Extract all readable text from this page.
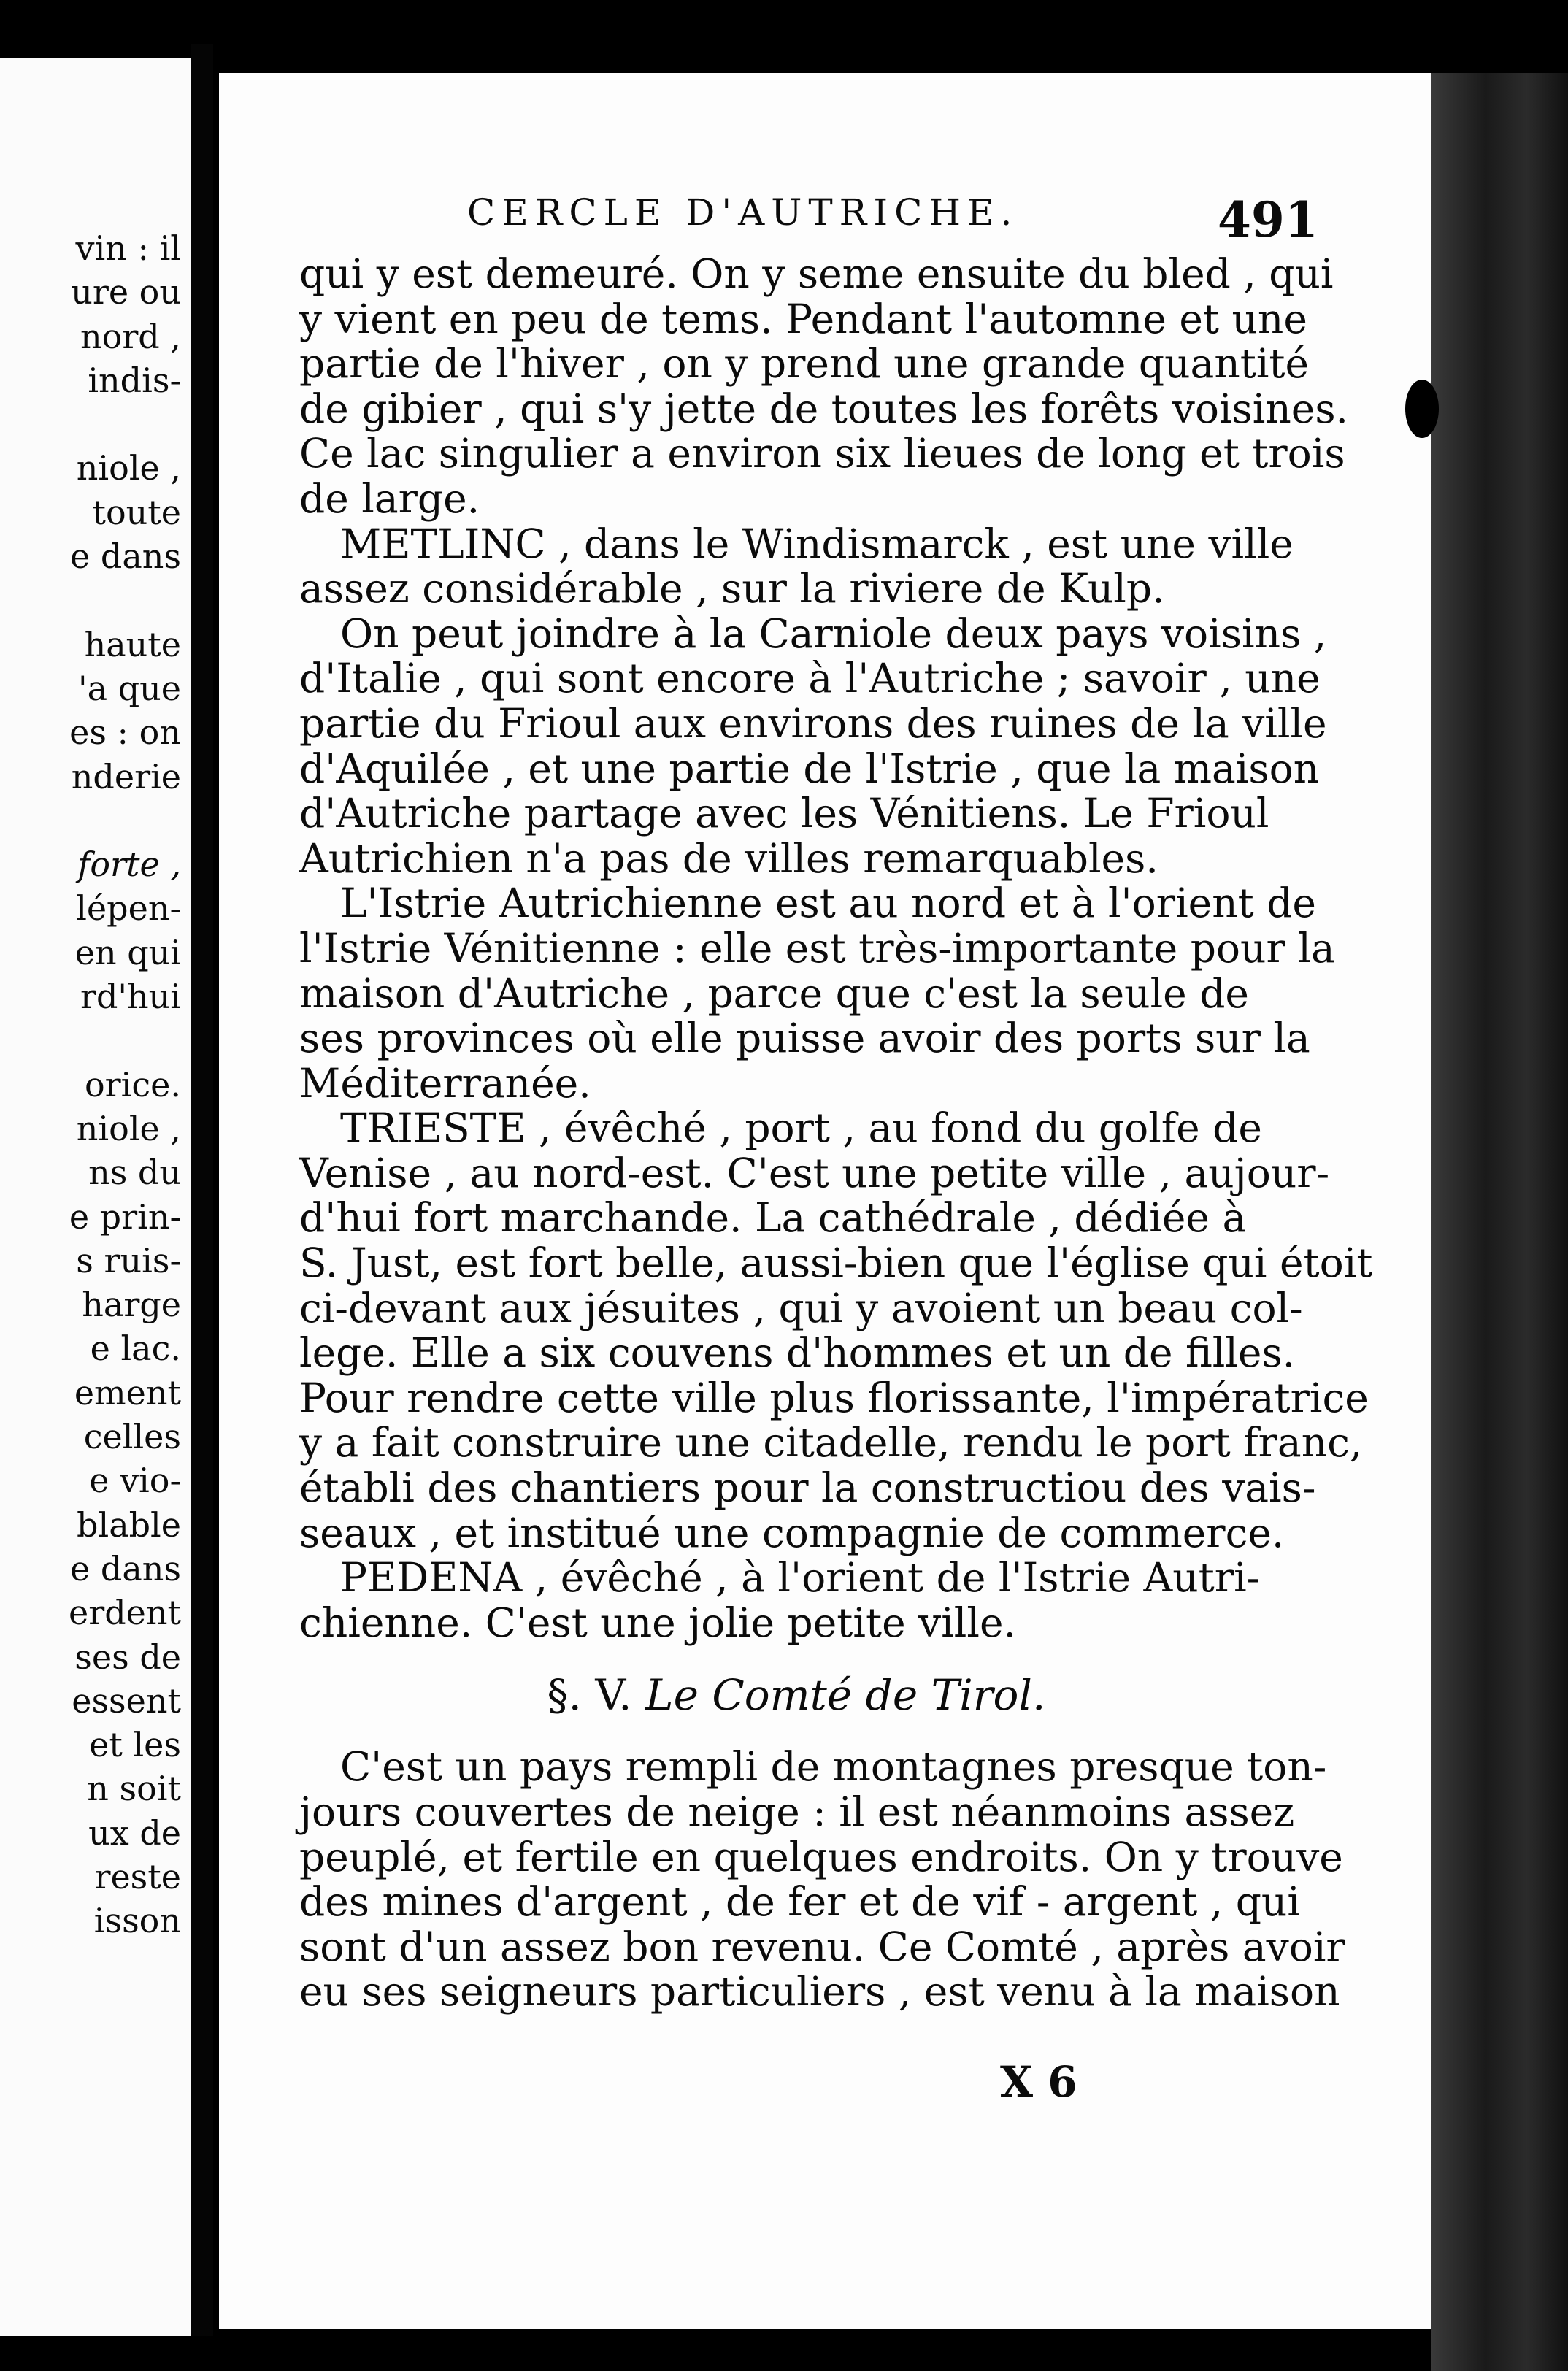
vin : il
ure ou
nord ,
indis-
niole ,
toute
e dans
haute
'a que
es : on
nderie
forte ,
lépen-
en qui
rd'hui
orice.
niole ,
ns du
e prin-
s ruis-
harge
e lac.
ement
celles
e vio-
blable
e dans
erdent
ses de
essent
et les
n soit
ux de
reste
isson
CERCLE D'AUTRICHE.	491
qui y est demeuré. On y seme ensuite du bled , qui
y vient en peu de tems. Pendant l'automne et une
partie de l'hiver , on y prend une grande quantité
de gibier , qui s'y jette de toutes les forêts voisines.
Ce lac singulier a environ six lieues de long et trois
de large.
METLINC , dans le Windismarck , est une ville
assez considérable , sur la riviere de Kulp.
On peut joindre à la Carniole deux pays voisins ,
d'Italie , qui sont encore à l'Autriche ; savoir , une
partie du Frioul aux environs des ruines de la ville
d'Aquilée , et une partie de l'Istrie , que la maison
d'Autriche partage avec les Vénitiens. Le Frioul
Autrichien n'a pas de villes remarquables.
L'Istrie Autrichienne est au nord et à l'orient de
l'Istrie Vénitienne : elle est très-importante pour la
maison d'Autriche , parce que c'est la seule de
ses provinces où elle puisse avoir des ports sur la
Méditerranée.
TRIESTE , évêché , port , au fond du golfe de
Venise , au nord-est. C'est une petite ville , aujour-
d'hui fort marchande. La cathédrale , dédiée à
S. Just, est fort belle, aussi-bien que l'église qui étoit
ci-devant aux jésuites , qui y avoient un beau col-
lege. Elle a six couvens d'hommes et un de filles.
Pour rendre cette ville plus florissante, l'impératrice
y a fait construire une citadelle, rendu le port franc,
établi des chantiers pour la constructiou des vais-
seaux , et institué une compagnie de commerce.
PEDENA , évêché , à l'orient de l'Istrie Autri-
chienne. C'est une jolie petite ville.
§. V. Le Comté de Tirol.
C'est un pays rempli de montagnes presque ton-
jours couvertes de neige : il est néanmoins assez
peuplé, et fertile en quelques endroits. On y trouve
des mines d'argent , de fer et de vif - argent , qui
sont d'un assez bon revenu. Ce Comté , après avoir
eu ses seigneurs particuliers , est venu à la maison
X 6
